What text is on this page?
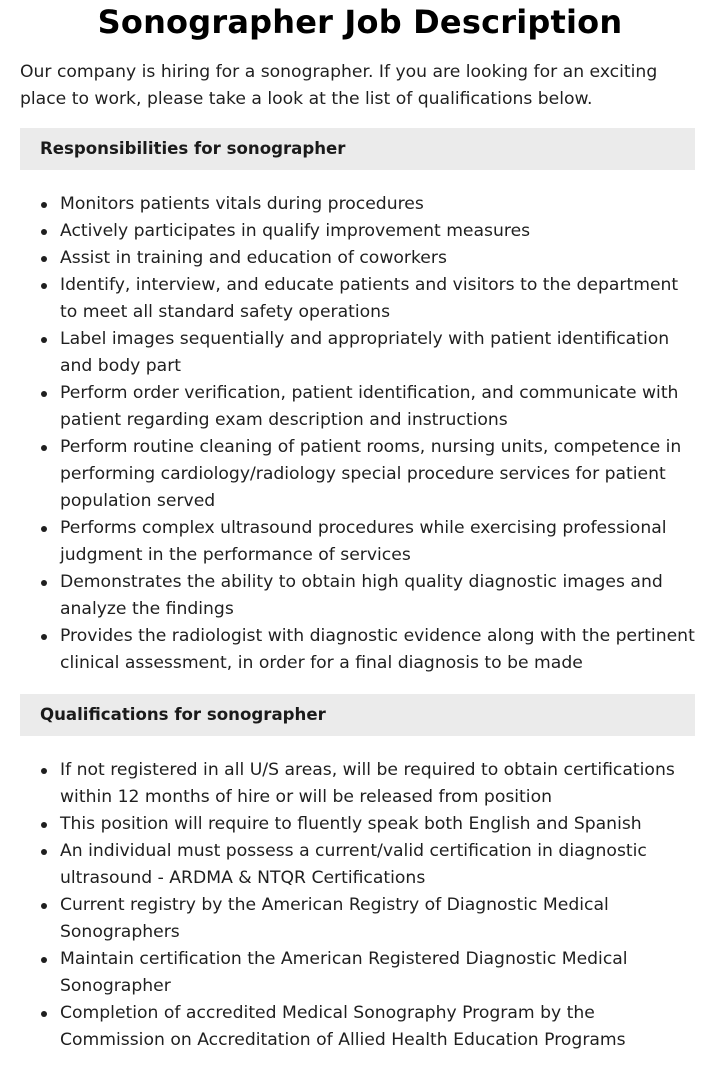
Sonographer Job Description

Our company is hiring for a sonographer. If you are looking for an exciting place to work, please take a look at the list of qualifications below.

Responsibilities for sonographer
Monitors patients vitals during procedures
Actively participates in qualify improvement measures
Assist in training and education of coworkers
Identify, interview, and educate patients and visitors to the department to meet all standard safety operations
Label images sequentially and appropriately with patient identification and body part
Perform order verification, patient identification, and communicate with patient regarding exam description and instructions
Perform routine cleaning of patient rooms, nursing units, competence in performing cardiology/radiology special procedure services for patient population served
Performs complex ultrasound procedures while exercising professional judgment in the performance of services
Demonstrates the ability to obtain high quality diagnostic images and analyze the findings
Provides the radiologist with diagnostic evidence along with the pertinent clinical assessment, in order for a final diagnosis to be made
Qualifications for sonographer
If not registered in all U/S areas, will be required to obtain certifications within 12 months of hire or will be released from position
This position will require to fluently speak both English and Spanish
An individual must possess a current/valid certification in diagnostic ultrasound - ARDMA & NTQR Certifications
Current registry by the American Registry of Diagnostic Medical Sonographers
Maintain certification the American Registered Diagnostic Medical Sonographer
Completion of accredited Medical Sonography Program by the Commission on Accreditation of Allied Health Education Programs
